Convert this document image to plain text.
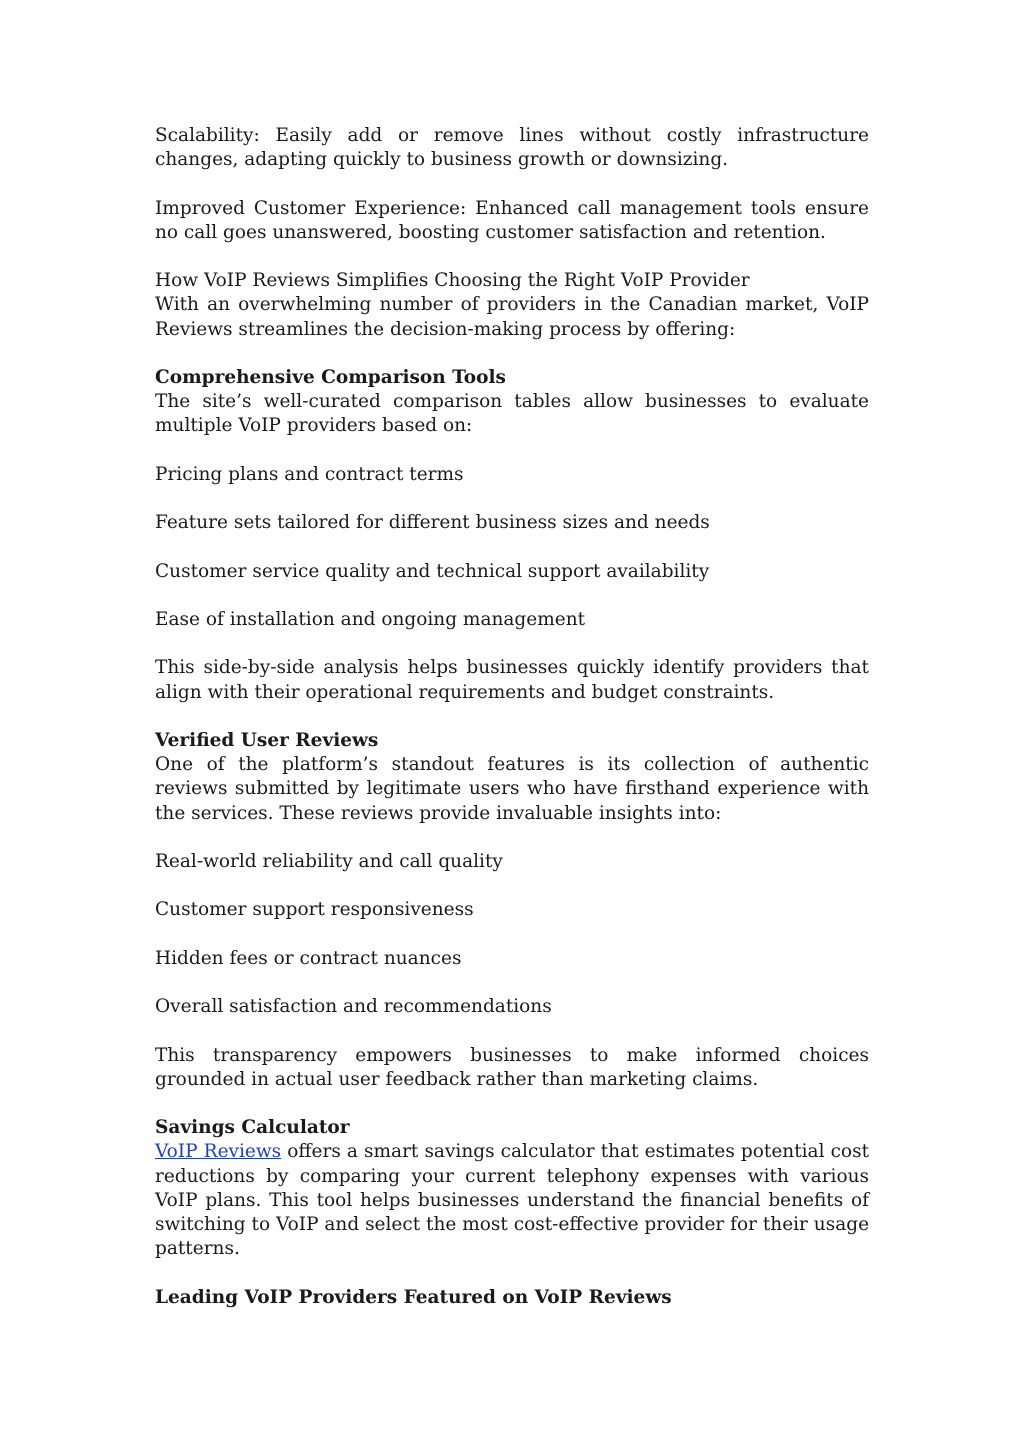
Scalability: Easily add or remove lines without costly infrastructure changes, adapting quickly to business growth or downsizing.

Improved Customer Experience: Enhanced call management tools ensure no call goes unanswered, boosting customer satisfaction and retention.

How VoIP Reviews Simplifies Choosing the Right VoIP Provider

With an overwhelming number of providers in the Canadian market, VoIP Reviews streamlines the decision-making process by offering:

Comprehensive Comparison Tools

The site’s well-curated comparison tables allow businesses to evaluate multiple VoIP providers based on:

Pricing plans and contract terms

Feature sets tailored for different business sizes and needs

Customer service quality and technical support availability

Ease of installation and ongoing management

This side-by-side analysis helps businesses quickly identify providers that align with their operational requirements and budget constraints.

Verified User Reviews

One of the platform’s standout features is its collection of authentic reviews submitted by legitimate users who have firsthand experience with the services. These reviews provide invaluable insights into:

Real-world reliability and call quality

Customer support responsiveness

Hidden fees or contract nuances

Overall satisfaction and recommendations

This transparency empowers businesses to make informed choices grounded in actual user feedback rather than marketing claims.

Savings Calculator

VoIP Reviews offers a smart savings calculator that estimates potential cost reductions by comparing your current telephony expenses with various VoIP plans. This tool helps businesses understand the financial benefits of switching to VoIP and select the most cost-effective provider for their usage patterns.

Leading VoIP Providers Featured on VoIP Reviews
